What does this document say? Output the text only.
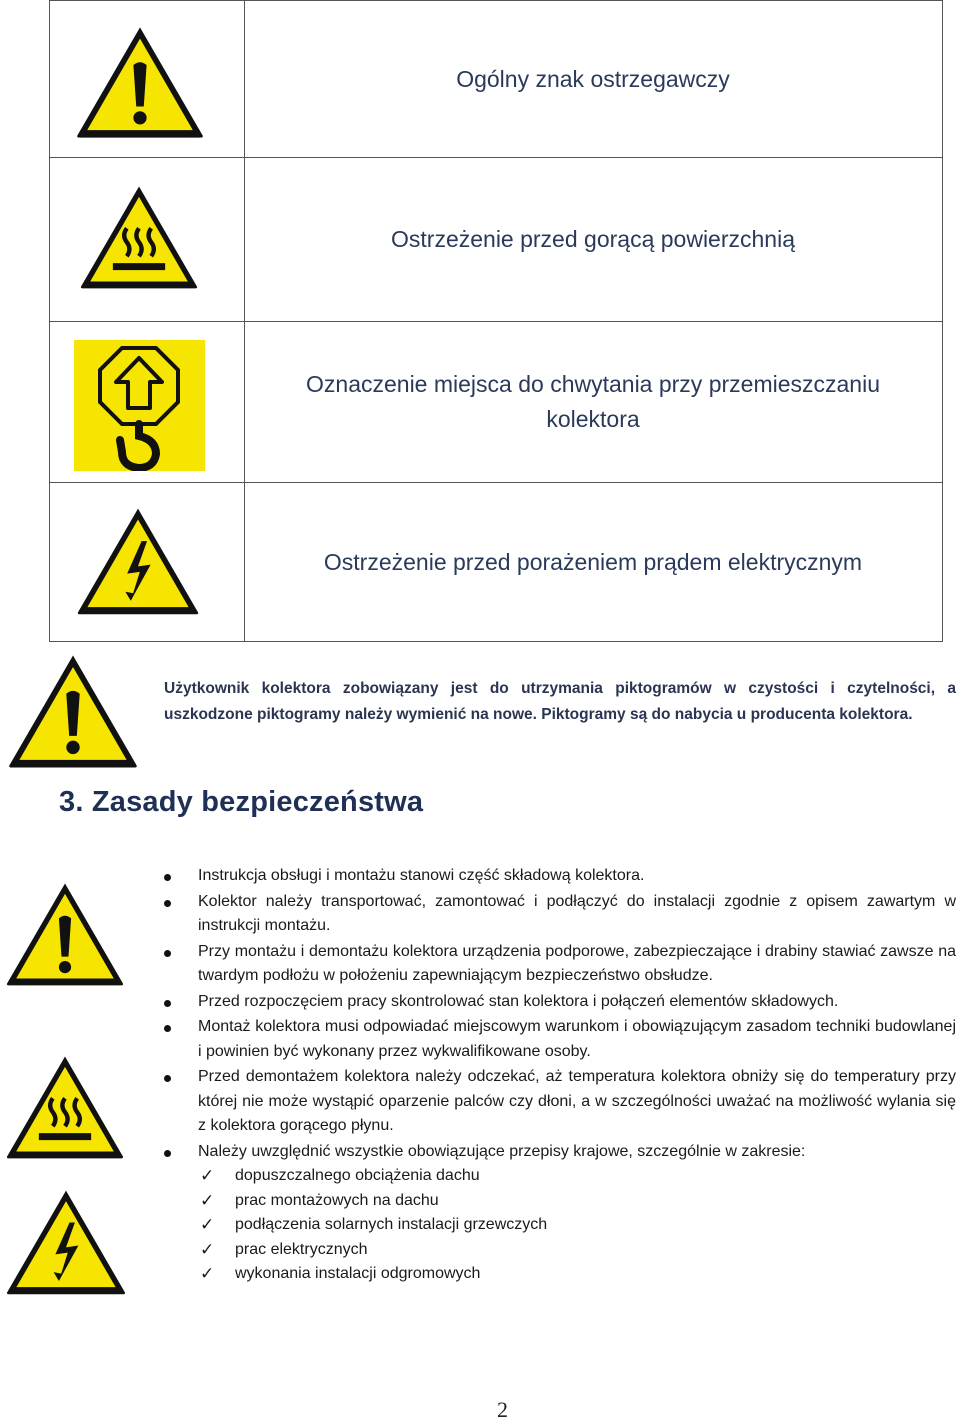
Ogólny znak ostrzegawczy
Ostrzeżenie przed gorącą powierzchnią
Oznaczenie miejsca do chwytania przy przemieszczaniu kolektora
Ostrzeżenie przed porażeniem prądem elektrycznym
Użytkownik kolektora zobowiązany jest do utrzymania piktogramów w czystości i czytelności, a uszkodzone piktogramy należy wymienić na nowe. Piktogramy są do nabycia u producenta kolektora.
3. Zasady bezpieczeństwa
Instrukcja obsługi i montażu stanowi część składową kolektora.
Kolektor należy transportować, zamontować i podłączyć do instalacji zgodnie z opisem zawartym w instrukcji montażu.
Przy montażu i demontażu kolektora urządzenia podporowe, zabezpieczające i drabiny stawiać zawsze na twardym podłożu w położeniu zapewniającym bezpieczeństwo obsłudze.
Przed rozpoczęciem pracy skontrolować stan kolektora i połączeń elementów składowych.
Montaż kolektora musi odpowiadać miejscowym warunkom i obowiązującym zasadom techniki budowlanej i powinien być wykonany przez wykwalifikowane osoby.
Przed demontażem kolektora należy odczekać, aż temperatura kolektora obniży się do temperatury przy której nie może wystąpić oparzenie palców czy dłoni, a w szczególności uważać na możliwość wylania się z kolektora gorącego płynu.
Należy uwzględnić wszystkie obowiązujące przepisy krajowe, szczególnie w zakresie:
✓ dopuszczalnego obciążenia dachu
✓ prac montażowych na dachu
✓ podłączenia solarnych instalacji grzewczych
✓ prac elektrycznych
✓ wykonania instalacji odgromowych
2
